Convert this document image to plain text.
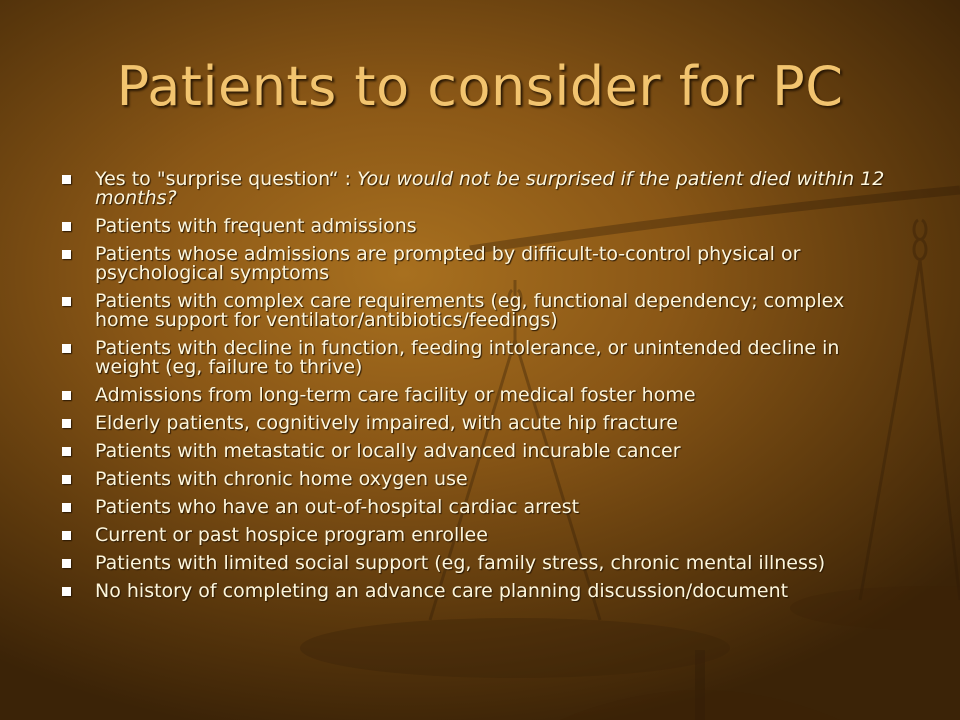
Patients to consider for PC
Yes to "surprise question“ : You would not be surprised if the patient died within 12 months?
Patients with frequent admissions
Patients whose admissions are prompted by difficult-to-control physical or psychological symptoms
Patients with complex care requirements (eg, functional dependency; complex home support for ventilator/antibiotics/feedings)
Patients with decline in function, feeding intolerance, or unintended decline in weight (eg, failure to thrive)
Admissions from long-term care facility or medical foster home
Elderly patients, cognitively impaired, with acute hip fracture
Patients with metastatic or locally advanced incurable cancer
Patients with chronic home oxygen use
Patients who have an out-of-hospital cardiac arrest
Current or past hospice program enrollee
Patients with limited social support (eg, family stress, chronic mental illness)
No history of completing an advance care planning discussion/document
